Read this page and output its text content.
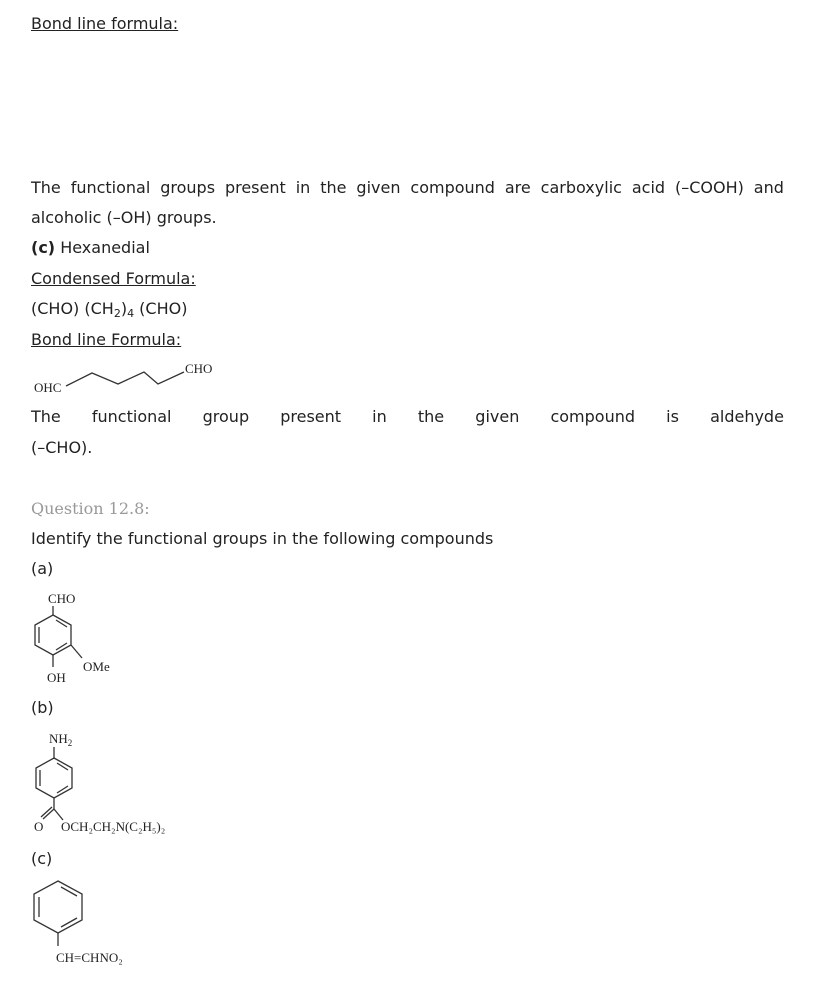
Bond line formula:
The functional groups present in the given compound are carboxylic acid (–COOH) and
alcoholic (–OH) groups.
(c) Hexanedial
Condensed Formula:
(CHO) $(CH_2)_4$ (CHO)
Bond line Formula:
OHC
CHO
The functional group present in the given compound is aldehyde
(–CHO).
Question 12.8:
Identify the functional groups in the following compounds
(a)
CHO
OMe
OH
(b)
$NH_2$
O OCH₂CH₂N(C₂H₅)₂
(c)
CH=CHNO₂
